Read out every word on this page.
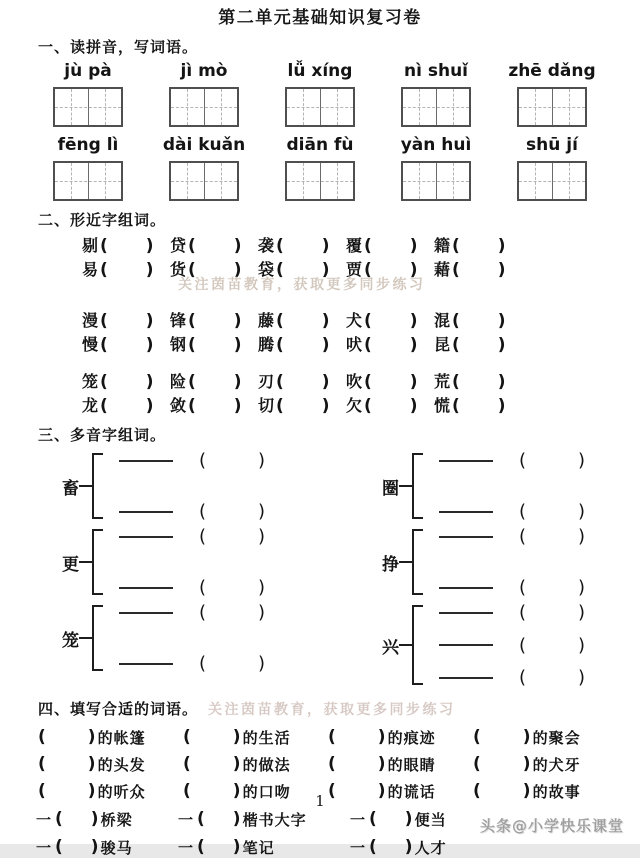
第二单元基础知识复习卷
一、读拼音，写词语。
jù pà	jì mò	lǚ xíng	nì shuǐ	zhē dǎng
fēng lì	dài kuǎn	diān fù	yàn huì	shū jí
二、形近字组词。
关注茵苗教育，获取更多同步练习
剔 ( ) 贷 ( ) 袭 ( ) 覆 ( ) 籍 ( )
易 ( ) 货 ( ) 袋 ( ) 贾 ( ) 藉 ( )
漫 ( ) 锋 ( ) 藤 ( ) 犬 ( ) 混 ( )
慢 ( ) 钢 ( ) 腾 ( ) 吠 ( ) 昆 ( )
笼 ( ) 险 ( ) 刃 ( ) 吹 ( ) 荒 ( )
龙 ( ) 敛 ( ) 切 ( ) 欠 ( ) 慌 ( )
三、多音字组词。
畜
(	)
(	)
圈
(	)
(	)
更
(	)
(	)
挣
(	)
(	)
笼
(	)
(	)
兴
(	)
(	)
(	)
四、填写合适的词语。 关注茵苗教育，获取更多同步练习
( ) 的帐篷 ( ) 的生活 ( ) 的痕迹 ( ) 的聚会
( ) 的头发 ( ) 的做法 ( ) 的眼睛 ( ) 的犬牙
( ) 的听众 ( ) 的口吻 ( ) 的谎话 ( ) 的故事
一 ( ) 桥梁	一 ( ) 楷书大字	一 ( ) 便当
一 ( ) 骏马	一 ( ) 笔记	一 ( ) 人才
1
头条@小学快乐课堂
